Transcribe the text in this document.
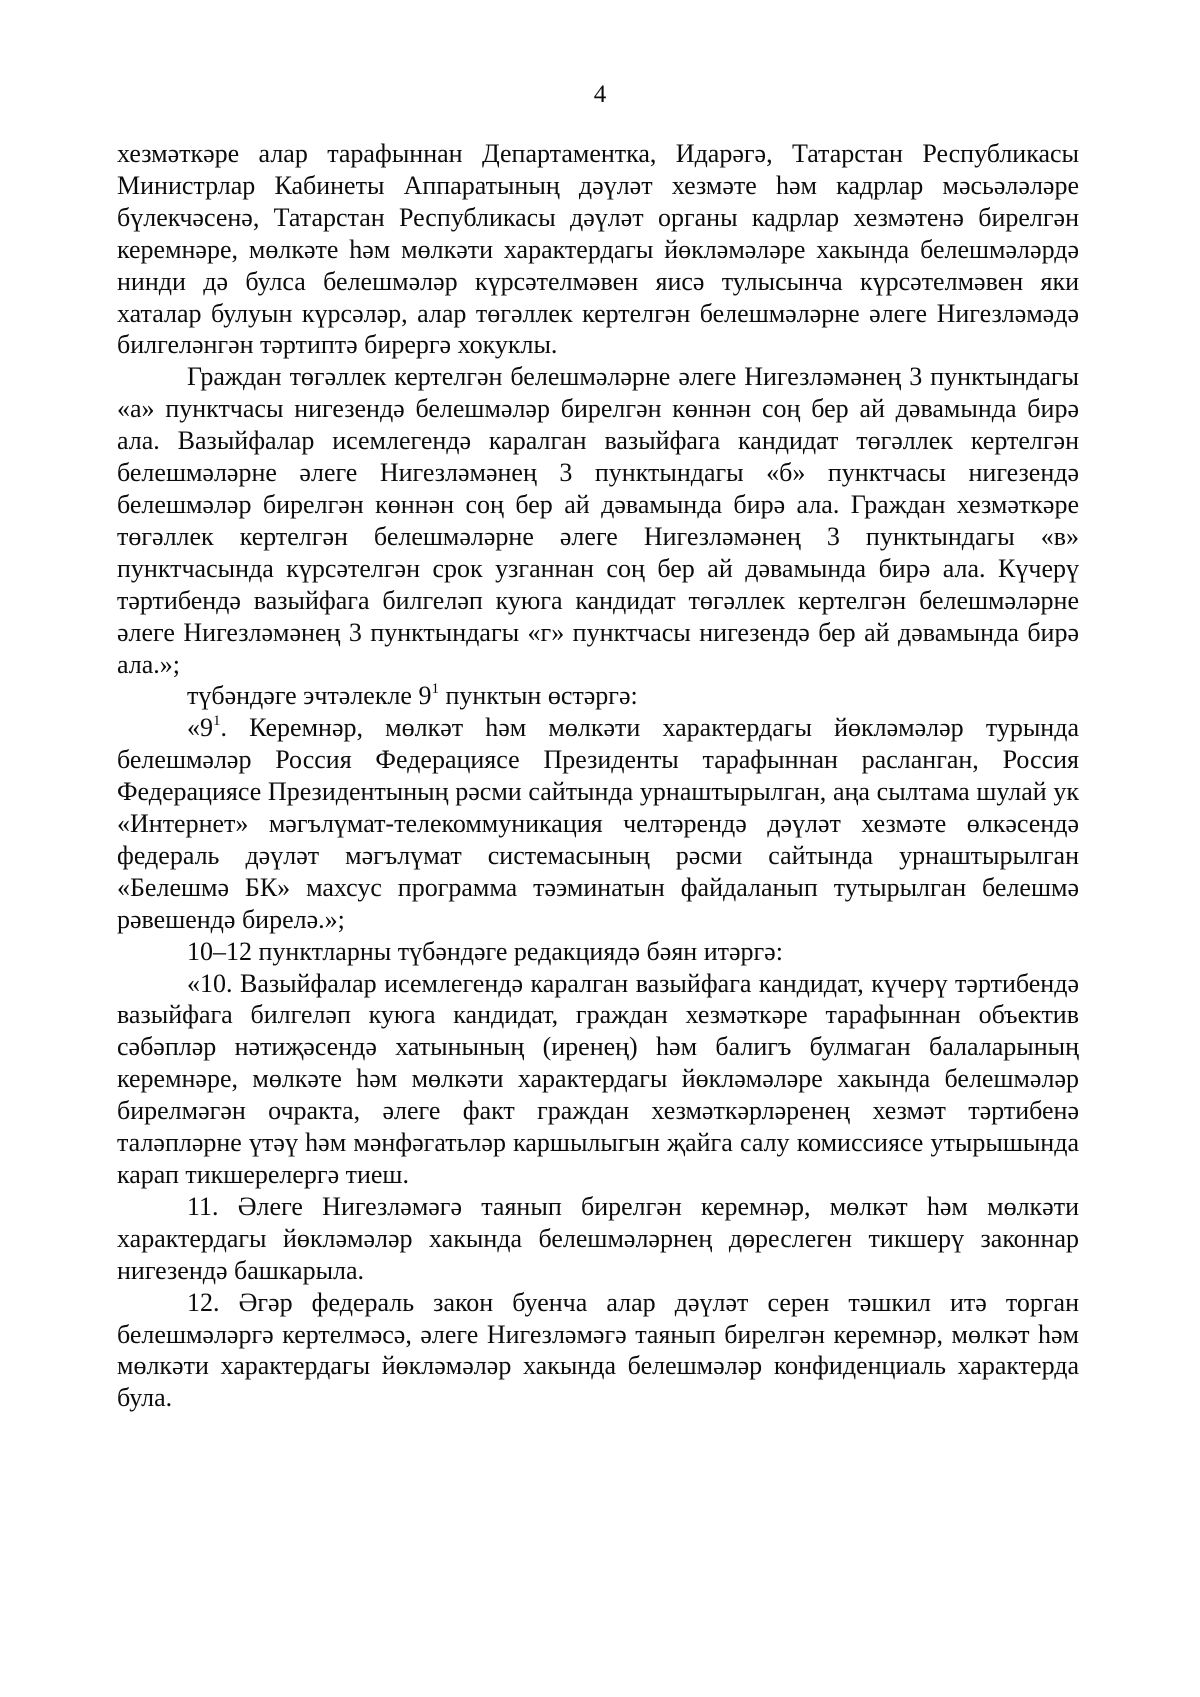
4

хезмәткәре алар тарафыннан Департаментка, Идарәгә, Татарстан Республикасы Министрлар Кабинеты Аппаратының дәүләт хезмәте һәм кадрлар мәсьәләләре бүлекчәсенә, Татарстан Республикасы дәүләт органы кадрлар хезмәтенә бирелгән керемнәре, мөлкәте һәм мөлкәти характердагы йөкләмәләре хакында белешмәләрдә нинди дә булса белешмәләр күрсәтелмәвен яисә тулысынча күрсәтелмәвен яки хаталар булуын күрсәләр, алар төгәллек кертелгән белешмәләрне әлеге Нигезләмәдә билгеләнгән тәртиптә бирергә хокуклы.

Граждан төгәллек кертелгән белешмәләрне әлеге Нигезләмәнең 3 пунктындагы «а» пунктчасы нигезендә белешмәләр бирелгән көннән соң бер ай дәвамында бирә ала. Вазыйфалар исемлегендә каралган вазыйфага кандидат төгәллек кертелгән белешмәләрне әлеге Нигезләмәнең 3 пунктындагы «б» пунктчасы нигезендә белешмәләр бирелгән көннән соң бер ай дәвамында бирә ала. Граждан хезмәткәре төгәллек кертелгән белешмәләрне әлеге Нигезләмәнең 3 пунктындагы «в» пунктчасында күрсәтелгән срок узганнан соң бер ай дәвамында бирә ала. Күчерү тәртибендә вазыйфага билгеләп куюга кандидат төгәллек кертелгән белешмәләрне әлеге Нигезләмәнең 3 пунктындагы «г» пунктчасы нигезендә бер ай дәвамында бирә ала.»;

түбәндәге эчтәлекле $9^1$ пунктын өстәргә:

«$9^1$. Керемнәр, мөлкәт һәм мөлкәти характердагы йөкләмәләр турында белешмәләр Россия Федерациясе Президенты тарафыннан расланган, Россия Федерациясе Президентының рәсми сайтында урнаштырылган, аңа сылтама шулай ук «Интернет» мәгълүмат-телекоммуникация челтәрендә дәүләт хезмәте өлкәсендә федераль дәүләт мәгълүмат системасының рәсми сайтында урнаштырылган «Белешмә БК» махсус программа тәэминатын файдаланып тутырылган белешмә рәвешендә бирелә.»;

10–12 пунктларны түбәндәге редакциядә бәян итәргә:

«10. Вазыйфалар исемлегендә каралган вазыйфага кандидат, күчерү тәртибендә вазыйфага билгеләп куюга кандидат, граждан хезмәткәре тарафыннан объектив сәбәпләр нәтиҗәсендә хатынының (иренең) һәм балигъ булмаган балаларының керемнәре, мөлкәте һәм мөлкәти характердагы йөкләмәләре хакында белешмәләр бирелмәгән очракта, әлеге факт граждан хезмәткәрләренең хезмәт тәртибенә таләпләрне үтәү һәм мәнфәгатьләр каршылыгын җайга салу комиссиясе утырышында карап тикшерелергә тиеш.

11. Әлеге Нигезләмәгә таянып бирелгән керемнәр, мөлкәт һәм мөлкәти характердагы йөкләмәләр хакында белешмәләрнең дөреслеген тикшерү законнар нигезендә башкарыла.

12. Әгәр федераль закон буенча алар дәүләт серен тәшкил итә торган белешмәләргә кертелмәсә, әлеге Нигезләмәгә таянып бирелгән керемнәр, мөлкәт һәм мөлкәти характердагы йөкләмәләр хакында белешмәләр конфиденциаль характерда була.
